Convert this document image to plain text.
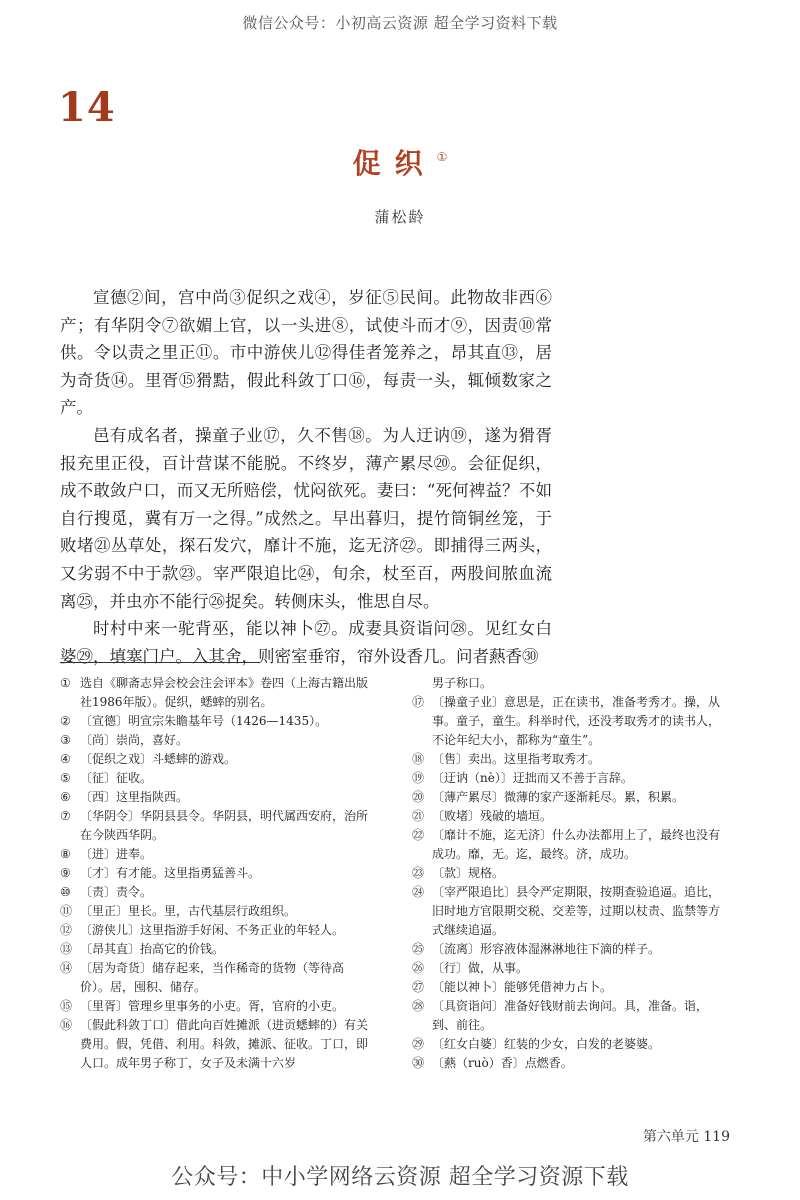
微信公众号：小初高云资源 超全学习资料下载
14
促织①
蒲松龄

宣德②间，宫中尚③促织之戏④，岁征⑤民间。此物故非西⑥产；有华阴令⑦欲媚上官，以一头进⑧，试使斗而才⑨，因责⑩常供。令以责之里正⑪。市中游侠儿⑫得佳者笼养之，昂其直⑬，居为奇货⑭。里胥⑮猾黠，假此科敛丁口⑯，每责一头，辄倾数家之产。

邑有成名者，操童子业⑰，久不售⑱。为人迂讷⑲，遂为猾胥报充里正役，百计营谋不能脱。不终岁，薄产累尽⑳。会征促织，成不敢敛户口，而又无所赔偿，忧闷欲死。妻曰：“死何裨益？不如自行搜觅，冀有万一之得。”成然之。早出暮归，提竹筒铜丝笼，于败堵㉑丛草处，探石发穴，靡计不施，迄无济㉒。即捕得三两头，又劣弱不中于款㉓。宰严限追比㉔，旬余，杖至百，两股间脓血流离㉕，并虫亦不能行㉖捉矣。转侧床头，惟思自尽。

时村中来一驼背巫，能以神卜㉗。成妻具资诣问㉘。见红女白婆㉙，填塞门户。入其舍，则密室垂帘，帘外设香几。问者爇香㉚

① 选自《聊斋志异会校会注会评本》卷四（上海古籍出版社1986年版）。促织，蟋蟀的别名。

② 〔宣德〕明宣宗朱瞻基年号（1426—1435）。

③ 〔尚〕崇尚，喜好。

④ 〔促织之戏〕斗蟋蟀的游戏。

⑤ 〔征〕征收。

⑥ 〔西〕这里指陕西。

⑦ 〔华阴令〕华阴县县令。华阴县，明代属西安府，治所在今陕西华阴。

⑧ 〔进〕进奉。

⑨ 〔才〕有才能。这里指勇猛善斗。

⑩ 〔责〕责令。

⑪ 〔里正〕里长。里，古代基层行政组织。

⑫ 〔游侠儿〕这里指游手好闲、不务正业的年轻人。

⑬ 〔昂其直〕抬高它的价钱。

⑭ 〔居为奇货〕储存起来，当作稀奇的货物（等待高价）。居，囤积、储存。

⑮ 〔里胥〕管理乡里事务的小吏。胥，官府的小吏。

⑯ 〔假此科敛丁口〕借此向百姓摊派（进贡蟋蟀的）有关费用。假，凭借、利用。科敛，摊派、征收。丁口，即人口。成年男子称丁，女子及未满十六岁

男子称口。

⑰ 〔操童子业〕意思是，正在读书，准备考秀才。操，从事。童子，童生。科举时代，还没考取秀才的读书人，不论年纪大小，都称为“童生”。

⑱ 〔售〕卖出。这里指考取秀才。

⑲ 〔迂讷（nè）〕迂拙而又不善于言辞。

⑳ 〔薄产累尽〕微薄的家产逐渐耗尽。累，积累。

㉑ 〔败堵〕残破的墙垣。

㉒ 〔靡计不施，迄无济〕什么办法都用上了，最终也没有成功。靡，无。迄，最终。济，成功。

㉓ 〔款〕规格。

㉔ 〔宰严限追比〕县令严定期限，按期查验追逼。追比，旧时地方官限期交税、交差等，过期以杖责、监禁等方式继续追逼。

㉕ 〔流离〕形容液体湿淋淋地往下滴的样子。

㉖ 〔行〕做，从事。

㉗ 〔能以神卜〕能够凭借神力占卜。

㉘ 〔具资诣问〕准备好钱财前去询问。具，准备。诣，到、前往。

㉙ 〔红女白婆〕红装的少女，白发的老婆婆。

㉚ 〔爇（ruò）香〕点燃香。

第六单元 119
公众号：中小学网络云资源 超全学习资源下载
